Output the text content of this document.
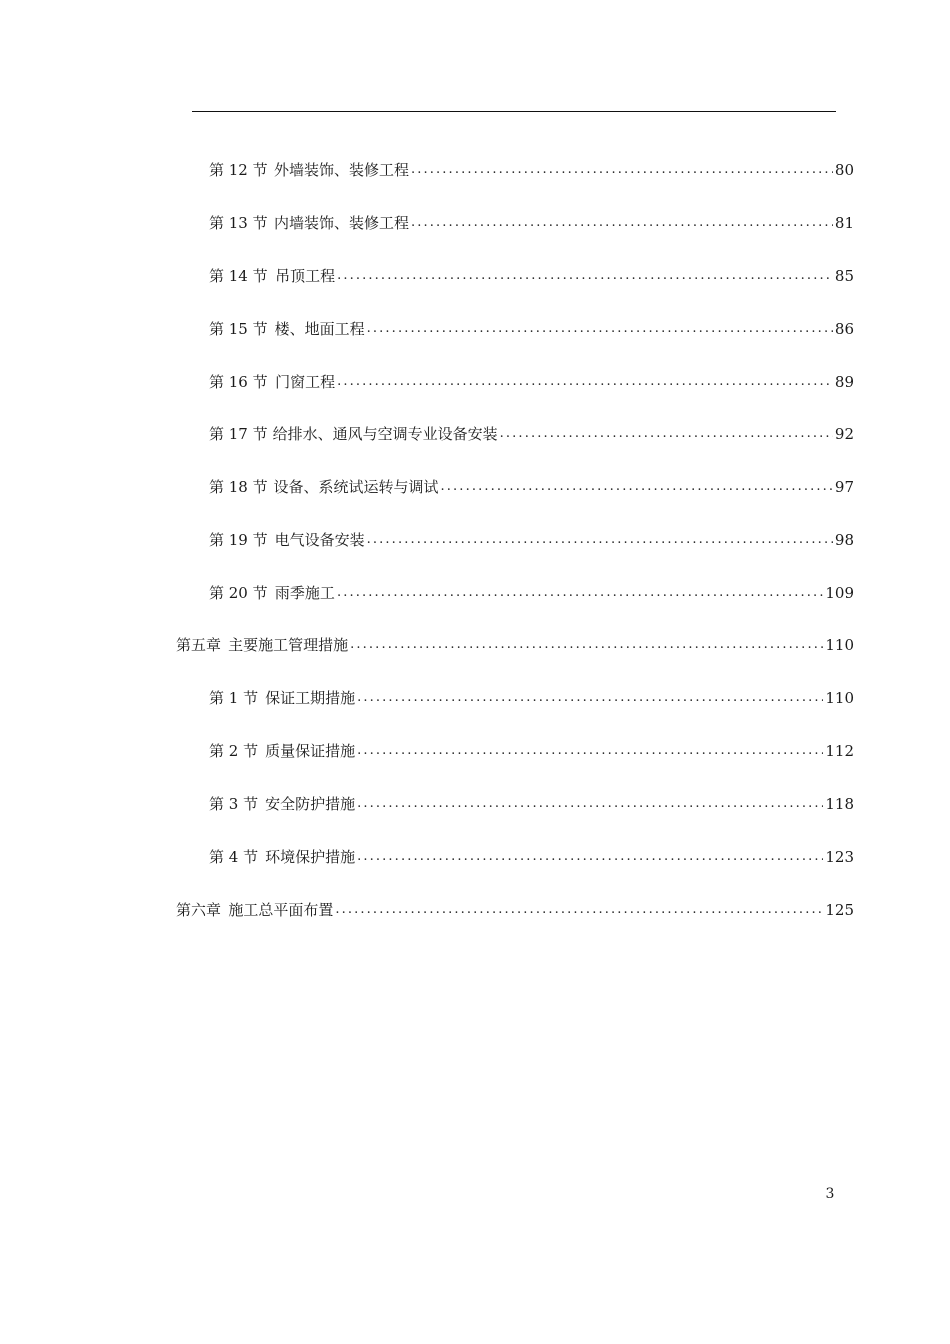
第 12 节 外墙装饰、装修工程 . . .	80
第 13 节 内墙装饰、装修工程 . . .	81
第 14 节 吊顶工程 . . .	85
第 15 节 楼、地面工程 . . .	86
第 16 节 门窗工程 . . .	89
第 17 节 给排水、通风与空调专业设备安装 . . .	92
第 18 节 设备、系统试运转与调试 . . .	97
第 19 节 电气设备安装 . . .	98
第 20 节 雨季施工 . . .	109
第五章 主要施工管理措施 . . .	110
第 1 节 保证工期措施 . . .	110
第 2 节 质量保证措施 . . .	112
第 3 节 安全防护措施 . . .	118
第 4 节 环境保护措施 . . .	123
第六章 施工总平面布置 . . .	125
3
